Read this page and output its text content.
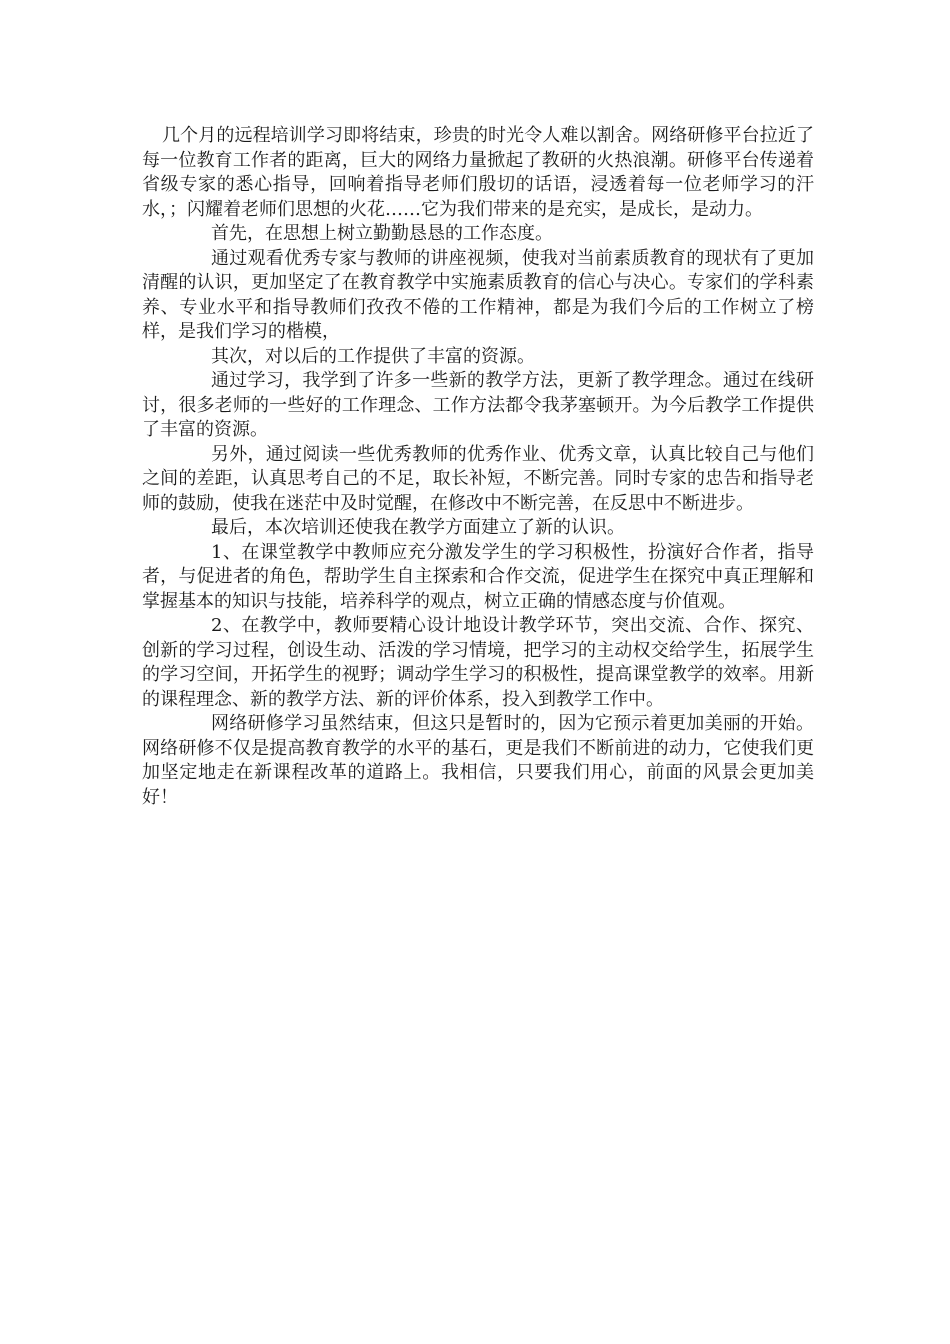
几个月的远程培训学习即将结束，珍贵的时光令人难以割舍。网络研修平台拉近了每一位教育工作者的距离，巨大的网络力量掀起了教研的火热浪潮。研修平台传递着省级专家的悉心指导，回响着指导老师们殷切的话语，浸透着每一位老师学习的汗水，；闪耀着老师们思想的火花……它为我们带来的是充实，是成长，是动力。

首先，在思想上树立勤勤恳恳的工作态度。

通过观看优秀专家与教师的讲座视频，使我对当前素质教育的现状有了更加清醒的认识，更加坚定了在教育教学中实施素质教育的信心与决心。专家们的学科素养、专业水平和指导教师们孜孜不倦的工作精神，都是为我们今后的工作树立了榜样，是我们学习的楷模，

其次，对以后的工作提供了丰富的资源。

通过学习，我学到了许多一些新的教学方法，更新了教学理念。通过在线研讨，很多老师的一些好的工作理念、工作方法都令我茅塞顿开。为今后教学工作提供了丰富的资源。

另外，通过阅读一些优秀教师的优秀作业、优秀文章，认真比较自己与他们之间的差距，认真思考自己的不足，取长补短，不断完善。同时专家的忠告和指导老师的鼓励，使我在迷茫中及时觉醒，在修改中不断完善，在反思中不断进步。

最后，本次培训还使我在教学方面建立了新的认识。

1、在课堂教学中教师应充分激发学生的学习积极性，扮演好合作者，指导者，与促进者的角色，帮助学生自主探索和合作交流，促进学生在探究中真正理解和掌握基本的知识与技能，培养科学的观点，树立正确的情感态度与价值观。

2、在教学中，教师要精心设计地设计教学环节，突出交流、合作、探究、创新的学习过程，创设生动、活泼的学习情境，把学习的主动权交给学生，拓展学生的学习空间，开拓学生的视野；调动学生学习的积极性，提高课堂教学的效率。用新的课程理念、新的教学方法、新的评价体系，投入到教学工作中。

网络研修学习虽然结束，但这只是暂时的，因为它预示着更加美丽的开始。网络研修不仅是提高教育教学的水平的基石，更是我们不断前进的动力，它使我们更加坚定地走在新课程改革的道路上。我相信，只要我们用心，前面的风景会更加美好！
